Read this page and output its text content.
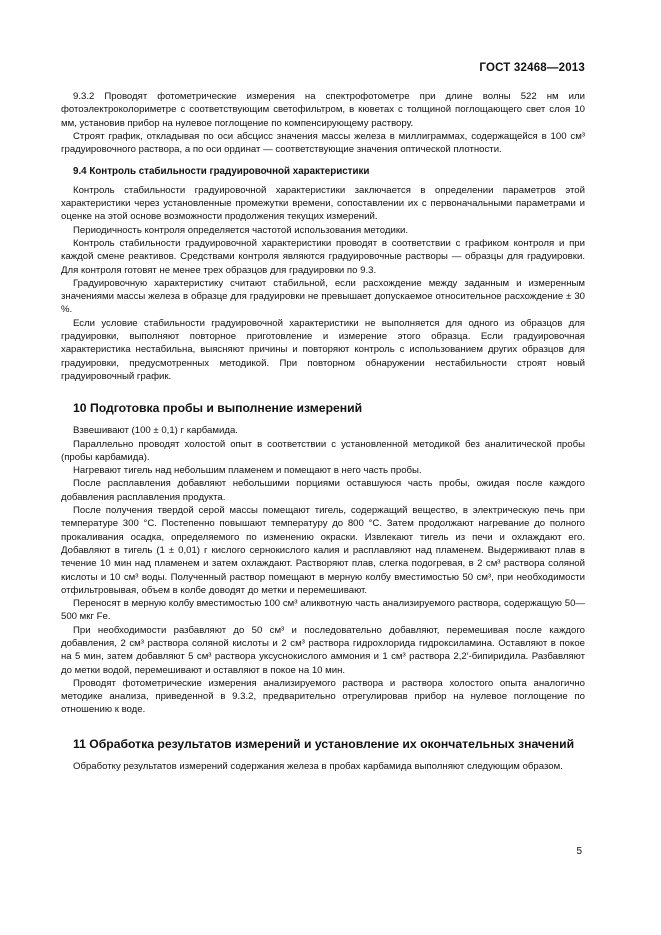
ГОСТ 32468—2013

9.3.2 Проводят фотометрические измерения на спектрофотометре при длине волны 522 нм или фотоэлектроколориметре с соответствующим светофильтром, в кюветах с толщиной поглощающего свет слоя 10 мм, установив прибор на нулевое поглощение по компенсирующему раствору.

Строят график, откладывая по оси абсцисс значения массы железа в миллиграммах, содержащейся в 100 см³ градуировочного раствора, а по оси ординат — соответствующие значения оптической плотности.

9.4 Контроль стабильности градуировочной характеристики

Контроль стабильности градуировочной характеристики заключается в определении параметров этой характеристики через установленные промежутки времени, сопоставлении их с первоначальными параметрами и оценке на этой основе возможности продолжения текущих измерений.

Периодичность контроля определяется частотой использования методики.

Контроль стабильности градуировочной характеристики проводят в соответствии с графиком контроля и при каждой смене реактивов. Средствами контроля являются градуировочные растворы — образцы для градуировки. Для контроля готовят не менее трех образцов для градуировки по 9.3.

Градуировочную характеристику считают стабильной, если расхождение между заданным и измеренным значениями массы железа в образце для градуировки не превышает допускаемое относительное расхождение ± 30 %.

Если условие стабильности градуировочной характеристики не выполняется для одного из образцов для градуировки, выполняют повторное приготовление и измерение этого образца. Если градуировочная характеристика нестабильна, выясняют причины и повторяют контроль с использованием других образцов для градуировки, предусмотренных методикой. При повторном обнаружении нестабильности строят новый градуировочный график.

10 Подготовка пробы и выполнение измерений

Взвешивают (100 ± 0,1) г карбамида.

Параллельно проводят холостой опыт в соответствии с установленной методикой без аналитической пробы (пробы карбамида).

Нагревают тигель над небольшим пламенем и помещают в него часть пробы.

После расплавления добавляют небольшими порциями оставшуюся часть пробы, ожидая после каждого добавления расплавления продукта.

После получения твердой серой массы помещают тигель, содержащий вещество, в электрическую печь при температуре 300 °С. Постепенно повышают температуру до 800 °С. Затем продолжают нагревание до полного прокаливания осадка, определяемого по изменению окраски. Извлекают тигель из печи и охлаждают его. Добавляют в тигель (1 ± 0,01) г кислого сернокислого калия и расплавляют над пламенем. Выдерживают плав в течение 10 мин над пламенем и затем охлаждают. Растворяют плав, слегка подогревая, в 2 см³ раствора соляной кислоты и 10 см³ воды. Полученный раствор помещают в мерную колбу вместимостью 50 см³, при необходимости отфильтровывая, объем в колбе доводят до метки и перемешивают.

Переносят в мерную колбу вместимостью 100 см³ аликвотную часть анализируемого раствора, содержащую 50—500 мкг Fe.

При необходимости разбавляют до 50 см³ и последовательно добавляют, перемешивая после каждого добавления, 2 см³ раствора соляной кислоты и 2 см³ раствора гидрохлорида гидроксиламина. Оставляют в покое на 5 мин, затем добавляют 5 см³ раствора уксуснокислого аммония и 1 см³ раствора 2,2′-бипиридила. Разбавляют до метки водой, перемешивают и оставляют в покое на 10 мин.

Проводят фотометрические измерения анализируемого раствора и раствора холостого опыта аналогично методике анализа, приведенной в 9.3.2, предварительно отрегулировав прибор на нулевое поглощение по отношению к воде.

11 Обработка результатов измерений и установление их окончательных значений

Обработку результатов измерений содержания железа в пробах карбамида выполняют следующим образом.

5
